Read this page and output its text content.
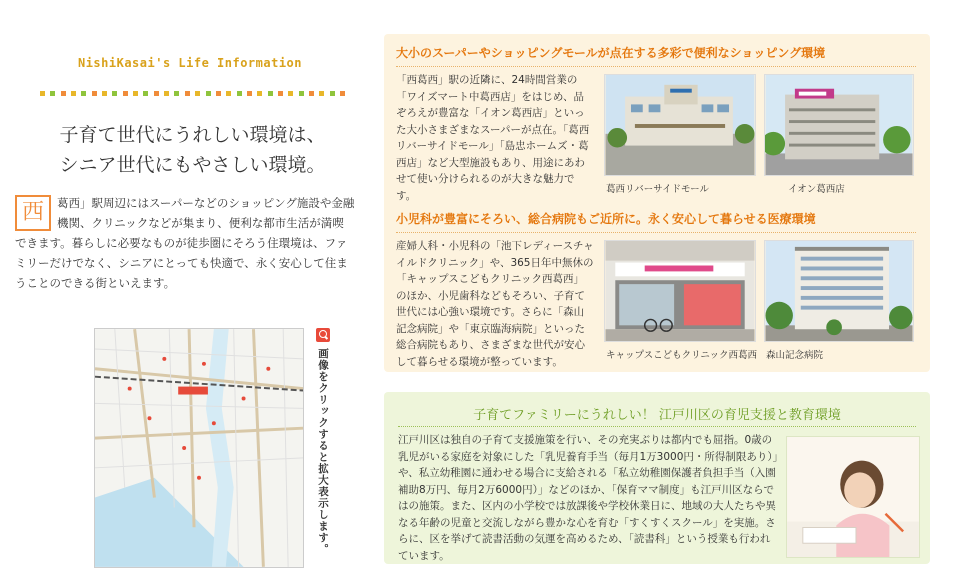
NishiKasai's Life Information
子育て世代にうれしい環境は、
シニア世代にもやさしい環境。
西	葛西」駅周辺にはスーパーなどのショッピング施設や金融機関、クリニックなどが集まり、便利な都市生活が満喫できます。暮らしに必要なものが徒歩圏にそろう住環境は、ファミリーだけでなく、シニアにとっても快適で、永く安心して住まうことのできる街といえます。
画像をクリックすると拡大表示します。
大小のスーパーやショッピングモールが点在する多彩で便利なショッピング環境
「西葛西」駅の近隣に、24時間営業の「ワイズマート中葛西店」をはじめ、品ぞろえが豊富な「イオン葛西店」といった大小さまざまなスーパーが点在。「葛西リバーサイドモール」「島忠ホームズ・葛西店」など大型施設もあり、用途にあわせて使い分けられるのが大きな魅力です。	葛西リバーサイドモール	イオン葛西店
小児科が豊富にそろい、総合病院もご近所に。永く安心して暮らせる医療環境
産婦人科・小児科の「池下レディースチャイルドクリニック」や、365日年中無休の「キャップスこどもクリニック西葛西」のほか、小児歯科などもそろい、子育て世代には心強い環境です。さらに「森山記念病院」や「東京臨海病院」といった総合病院もあり、さまざまな世代が安心して暮らせる環境が整っています。	キャップスこどもクリニック西葛西 森山記念病院
子育てファミリーにうれしい！ 江戸川区の育児支援と教育環境
江戸川区は独自の子育て支援施策を行い、その充実ぶりは都内でも屈指。0歳の乳児がいる家庭を対象にした「乳児養育手当（毎月1万3000円・所得制限あり）」や、私立幼稚園に通わせる場合に支給される「私立幼稚園保護者負担手当（入園補助8万円、毎月2万6000円）」などのほか、「保育ママ制度」も江戸川区ならではの施策。また、区内の小学校では放課後や学校休業日に、地域の大人たちや異なる年齢の児童と交流しながら豊かな心を育む「すくすくスクール」を実施。さらに、区を挙げて読書活動の気運を高めるため、「読書科」という授業も行われています。
